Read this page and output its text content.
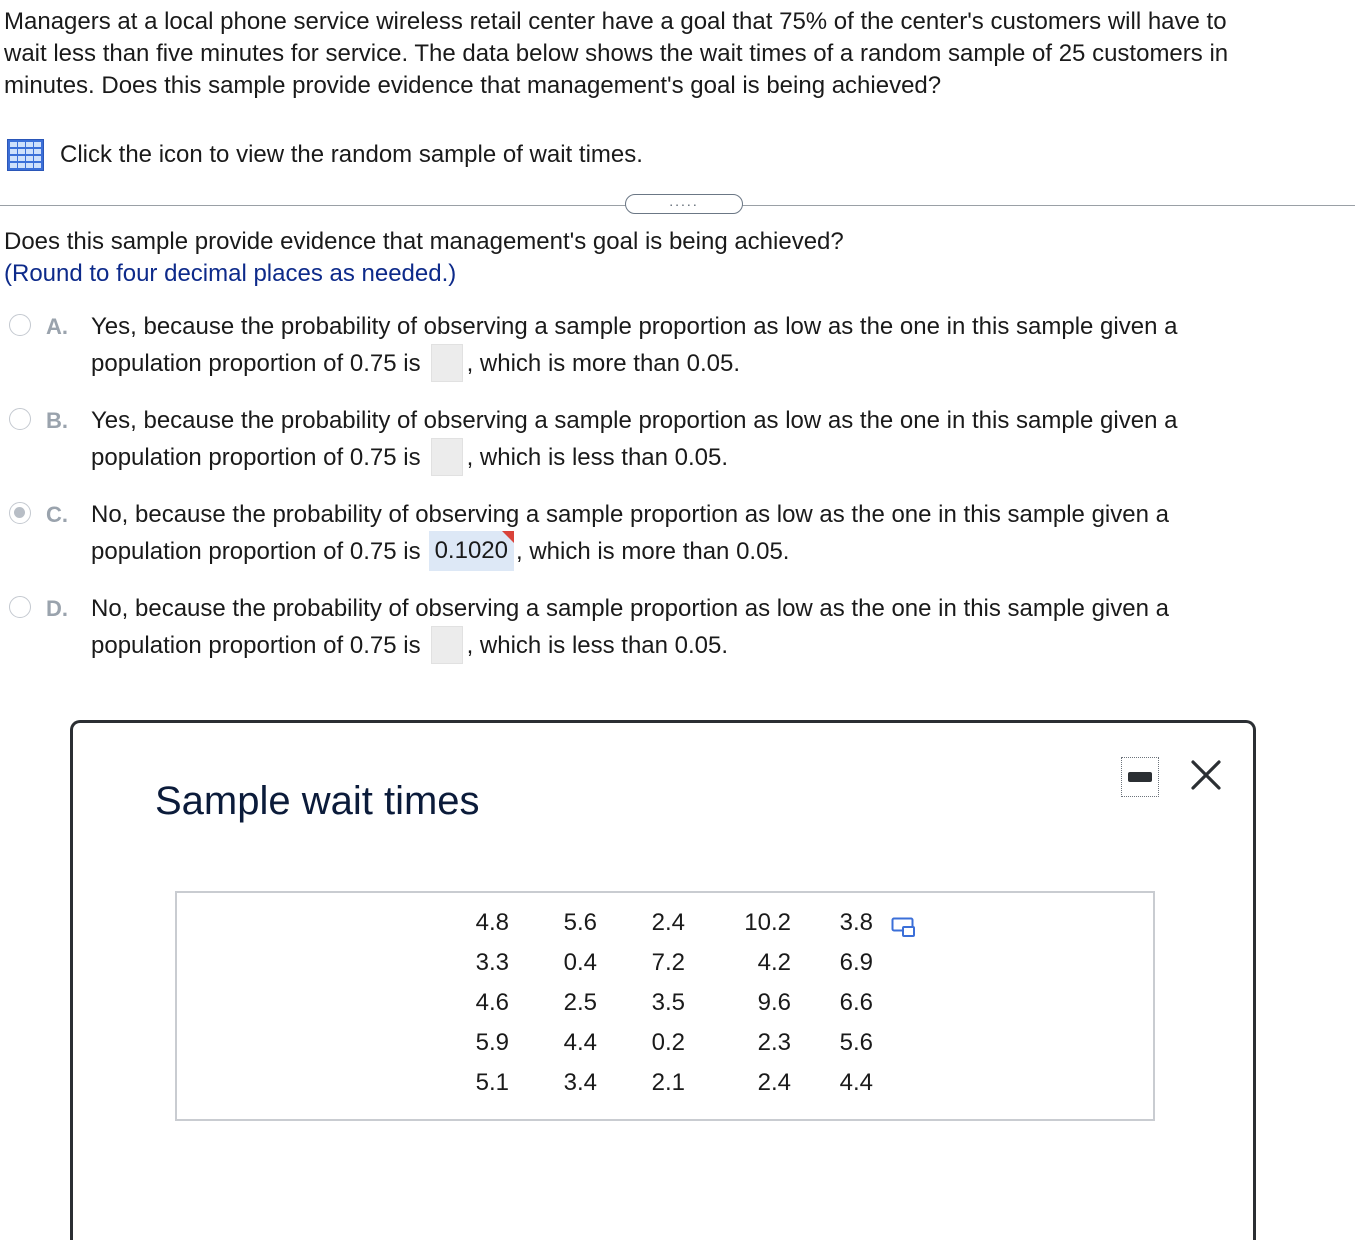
Managers at a local phone service wireless retail center have a goal that 75% of the center's customers will have to
wait less than five minutes for service. The data below shows the wait times of a random sample of 25 customers in
minutes. Does this sample provide evidence that management's goal is being achieved?
Click the icon to view the random sample of wait times.
.....
Does this sample provide evidence that management's goal is being achieved?
(Round to four decimal places as needed.)
A. Yes, because the probability of observing a sample proportion as low as the one in this sample given a
population proportion of 0.75 is , which is more than 0.05.
B. Yes, because the probability of observing a sample proportion as low as the one in this sample given a
population proportion of 0.75 is , which is less than 0.05.
C. No, because the probability of observing a sample proportion as low as the one in this sample given a
population proportion of 0.75 is 0.1020 , which is more than 0.05.
D. No, because the probability of observing a sample proportion as low as the one in this sample given a
population proportion of 0.75 is , which is less than 0.05.
Sample wait times
4.8	5.6	2.4	10.2	3.8
3.3	0.4	7.2	4.2	6.9
4.6	2.5	3.5	9.6	6.6
5.9	4.4	0.2	2.3	5.6
5.1	3.4	2.1	2.4	4.4
